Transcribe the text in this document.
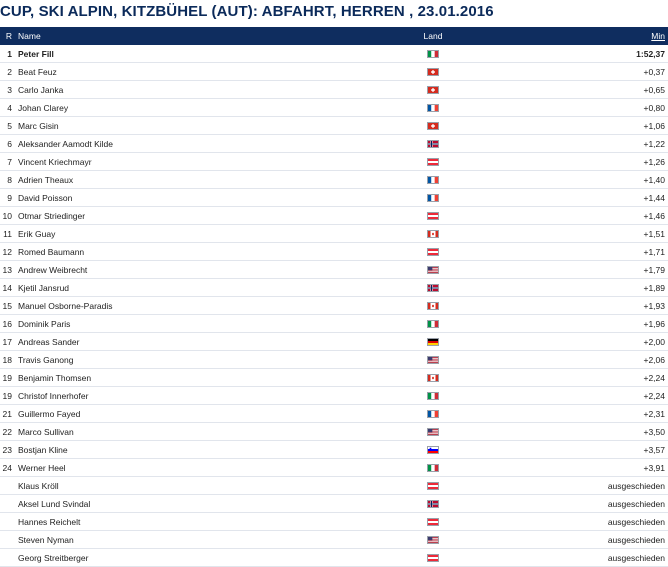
CUP, SKI ALPIN, KITZBÜHEL (AUT): ABFAHRT, HERREN , 23.01.2016
R Name	Land	Min
1 Peter Fill	1:52,37
2 Beat Feuz	+0,37
3 Carlo Janka	+0,65
4 Johan Clarey	+0,80
5 Marc Gisin	+1,06
6 Aleksander Aamodt Kilde	+1,22
7 Vincent Kriechmayr	+1,26
8 Adrien Theaux	+1,40
9 David Poisson	+1,44
10 Otmar Striedinger	+1,46
11 Erik Guay	+1,51
12 Romed Baumann	+1,71
13 Andrew Weibrecht	+1,79
14 Kjetil Jansrud	+1,89
15 Manuel Osborne-Paradis	+1,93
16 Dominik Paris	+1,96
17 Andreas Sander	+2,00
18 Travis Ganong	+2,06
19 Benjamin Thomsen	+2,24
19 Christof Innerhofer	+2,24
21 Guillermo Fayed	+2,31
22 Marco Sullivan	+3,50
23 Bostjan Kline	+3,57
24 Werner Heel	+3,91
Klaus Kröll	ausgeschieden
Aksel Lund Svindal	ausgeschieden
Hannes Reichelt	ausgeschieden
Steven Nyman	ausgeschieden
Georg Streitberger	ausgeschieden
